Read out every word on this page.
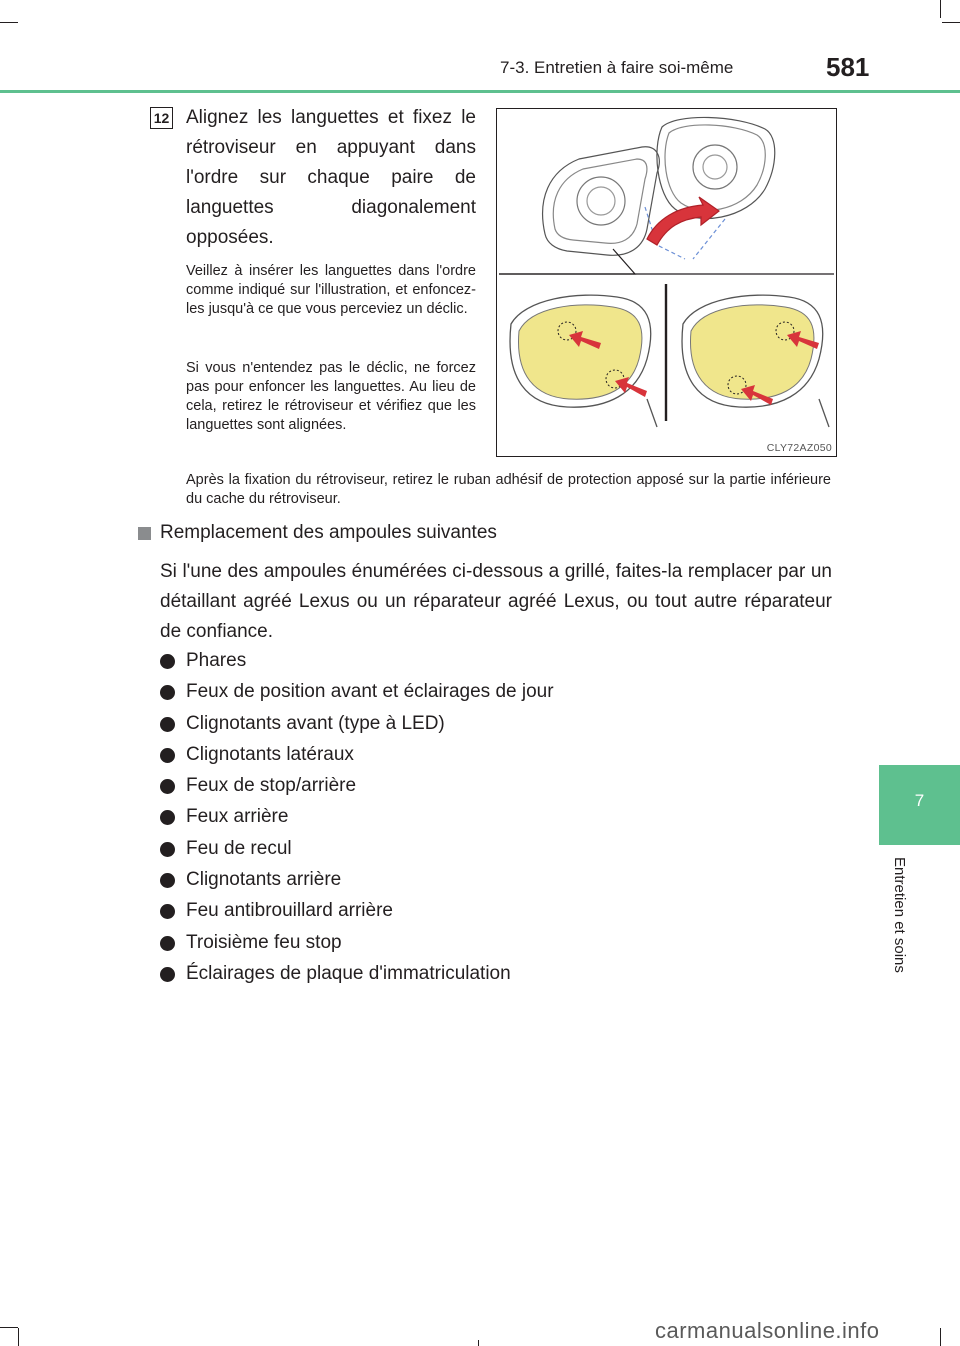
7-3. Entretien à faire soi-même	581
7
Entretien et soins
12 Alignez les languettes et fixez le rétroviseur en appuyant dans l'ordre sur chaque paire de languettes diagonalement opposées.

Veillez à insérer les languettes dans l'ordre comme indiqué sur l'illustration, et enfoncez-les jusqu'à ce que vous perceviez un déclic.

Si vous n'entendez pas le déclic, ne forcez pas pour enfoncer les languettes. Au lieu de cela, retirez le rétroviseur et vérifiez que les languettes sont alignées.

Après la fixation du rétroviseur, retirez le ruban adhésif de protection apposé sur la partie inférieure du cache du rétroviseur.
CLY72AZ050
Remplacement des ampoules suivantes
Si l'une des ampoules énumérées ci-dessous a grillé, faites-la remplacer par un détaillant agréé Lexus ou un réparateur agréé Lexus, ou tout autre réparateur de confiance.
Phares
Feux de position avant et éclairages de jour
Clignotants avant (type à LED)
Clignotants latéraux
Feux de stop/arrière
Feux arrière
Feu de recul
Clignotants arrière
Feu antibrouillard arrière
Troisième feu stop
Éclairages de plaque d'immatriculation
carmanualsonline.info
